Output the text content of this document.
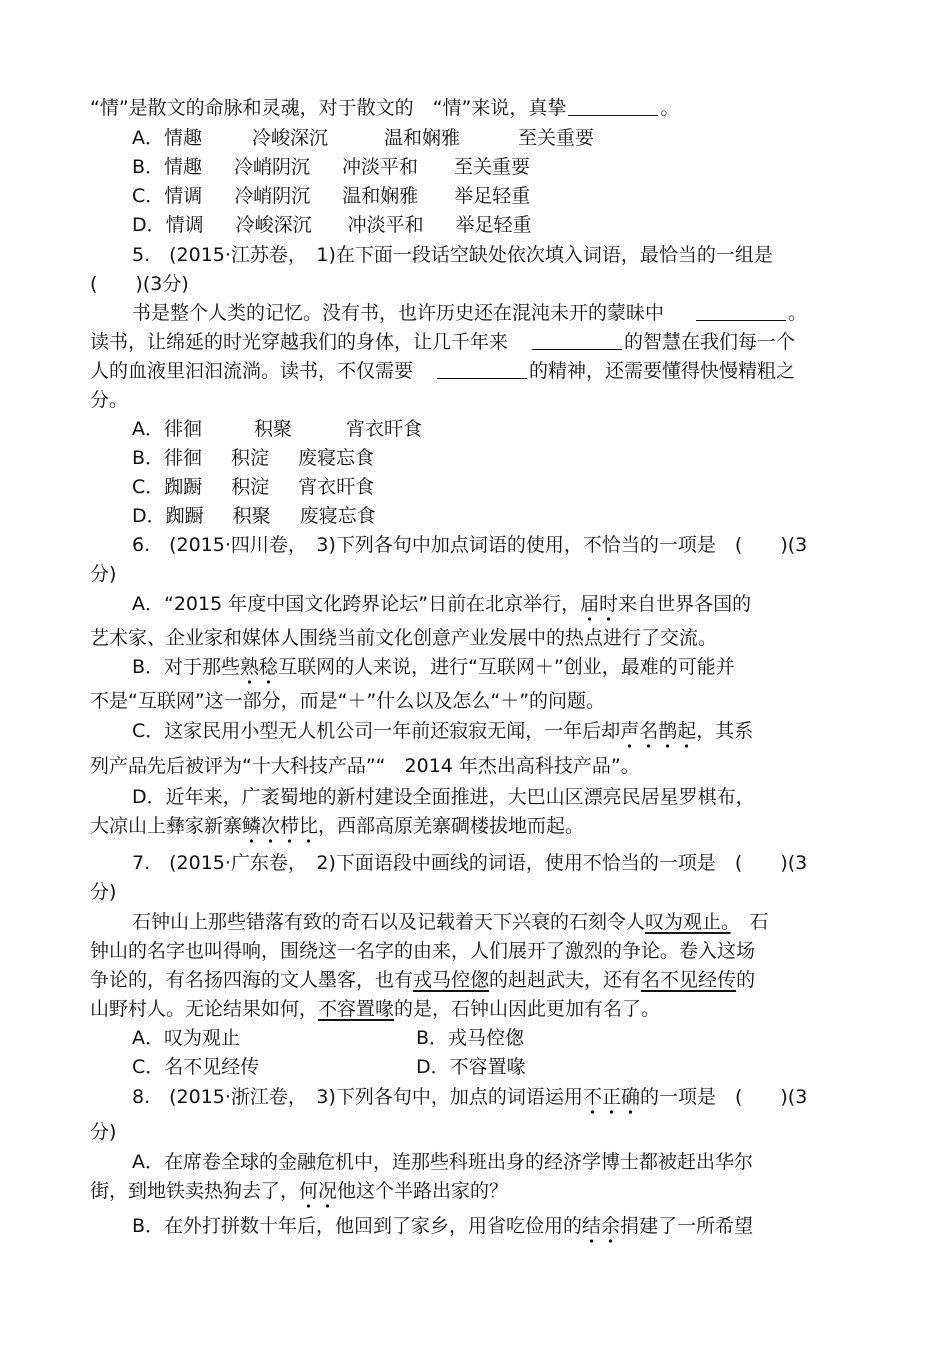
“情”是散文的命脉和灵魂，对于散文的　“情”来说，真挚	。
A．情趣	冷峻深沉	温和娴雅	至关重要
B．情趣 冷峭阴沉 冲淡平和 至关重要
C．情调 冷峭阴沉 温和娴雅 举足轻重
D．情调 冷峻深沉 冲淡平和 举足轻重
5.　(2015·江苏卷，　1)在下面一段话空缺处依次填入词语，最恰当的一组是
(　　)(3分)
书是整个人类的记忆。没有书，也许历史还在混沌未开的蒙昧中	。
读书，让绵延的时光穿越我们的身体，让几千年来	的智慧在我们每一个
人的血液里汩汩流淌。读书，不仅需要	的精神，还需要懂得快慢精粗之
分。
A．徘徊	积聚	宵衣旰食
B．徘徊 积淀 废寝忘食
C．踟蹰 积淀 宵衣旰食
D．踟蹰 积聚 废寝忘食
6.　(2015·四川卷，　3)下列各句中加点词语的使用，不恰当的一项是　(　　)(3
分)
A．“2015 年度中国文化跨界论坛”日前在北京举行，届时来自世界各国的
艺术家、企业家和媒体人围绕当前文化创意产业发展中的热点进行了交流。
B．对于那些熟稔互联网的人来说，进行“互联网＋”创业，最难的可能并
不是“互联网”这一部分，而是“＋”什么以及怎么“＋”的问题。
C．这家民用小型无人机公司一年前还寂寂无闻，一年后却声名鹊起，其系
列产品先后被评为“十大科技产品”“　2014 年杰出高科技产品”。
D．近年来，广袤蜀地的新村建设全面推进，大巴山区漂亮民居星罗棋布，
大凉山上彝家新寨鳞次栉比，西部高原羌寨碉楼拔地而起。
7.　(2015·广东卷，　2)下面语段中画线的词语，使用不恰当的一项是　(　　)(3
分)
石钟山上那些错落有致的奇石以及记载着天下兴衰的石刻令人叹为观止。　石
钟山的名字也叫得响，围绕这一名字的由来，人们展开了激烈的争论。卷入这场
争论的，有名扬四海的文人墨客，也有戎马倥偬的赳赳武夫，还有名不见经传的
山野村人。无论结果如何，不容置喙的是，石钟山因此更加有名了。
A．叹为观止	B．戎马倥偬
C．名不见经传	D．不容置喙
8.　(2015·浙江卷，　3)下列各句中，加点的词语运用不正确的一项是　(　　)(3
分)
A．在席卷全球的金融危机中，连那些科班出身的经济学博士都被赶出华尔
街，到地铁卖热狗去了，何况他这个半路出家的？
B．在外打拼数十年后，他回到了家乡，用省吃俭用的结余捐建了一所希望
